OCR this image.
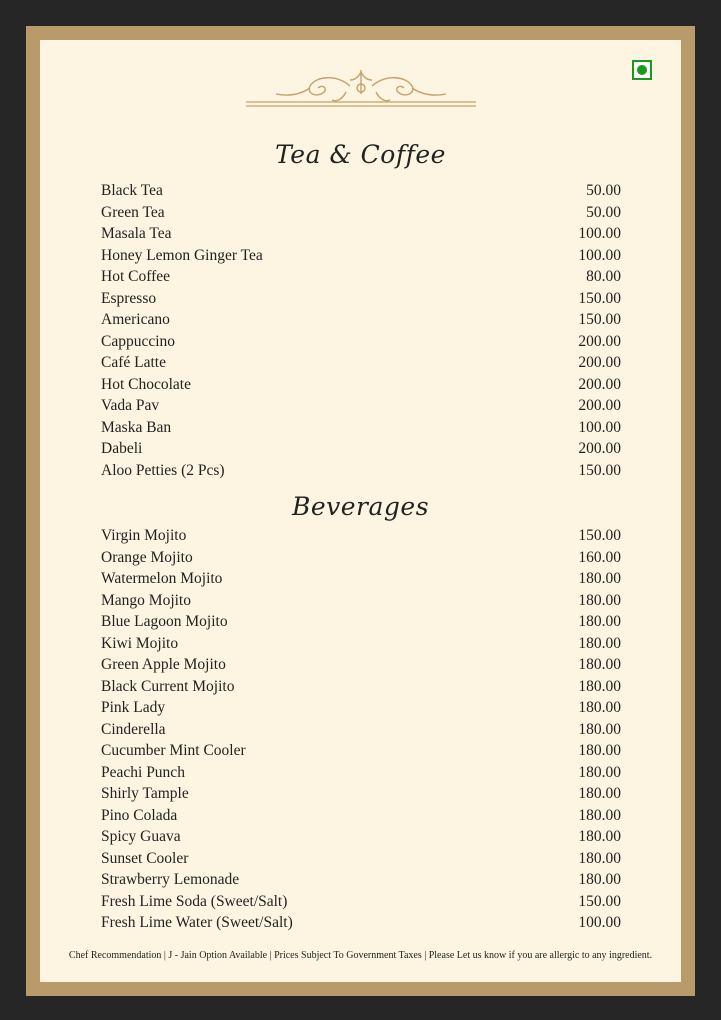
Tea & Coffee
Black Tea	50.00
Green Tea	50.00
Masala Tea	100.00
Honey Lemon Ginger Tea	100.00
Hot Coffee	80.00
Espresso	150.00
Americano	150.00
Cappuccino	200.00
Café Latte	200.00
Hot Chocolate	200.00
Vada Pav	200.00
Maska Ban	100.00
Dabeli	200.00
Aloo Petties (2 Pcs)	150.00
Beverages
Virgin Mojito	150.00
Orange Mojito	160.00
Watermelon Mojito	180.00
Mango Mojito	180.00
Blue Lagoon Mojito	180.00
Kiwi Mojito	180.00
Green Apple Mojito	180.00
Black Current Mojito	180.00
Pink Lady	180.00
Cinderella	180.00
Cucumber Mint Cooler	180.00
Peachi Punch	180.00
Shirly Tample	180.00
Pino Colada	180.00
Spicy Guava	180.00
Sunset Cooler	180.00
Strawberry Lemonade	180.00
Fresh Lime Soda (Sweet/Salt)	150.00
Fresh Lime Water (Sweet/Salt)	100.00
Chef Recommendation | J - Jain Option Available | Prices Subject To Government Taxes | Please Let us know if you are allergic to any ingredient.
